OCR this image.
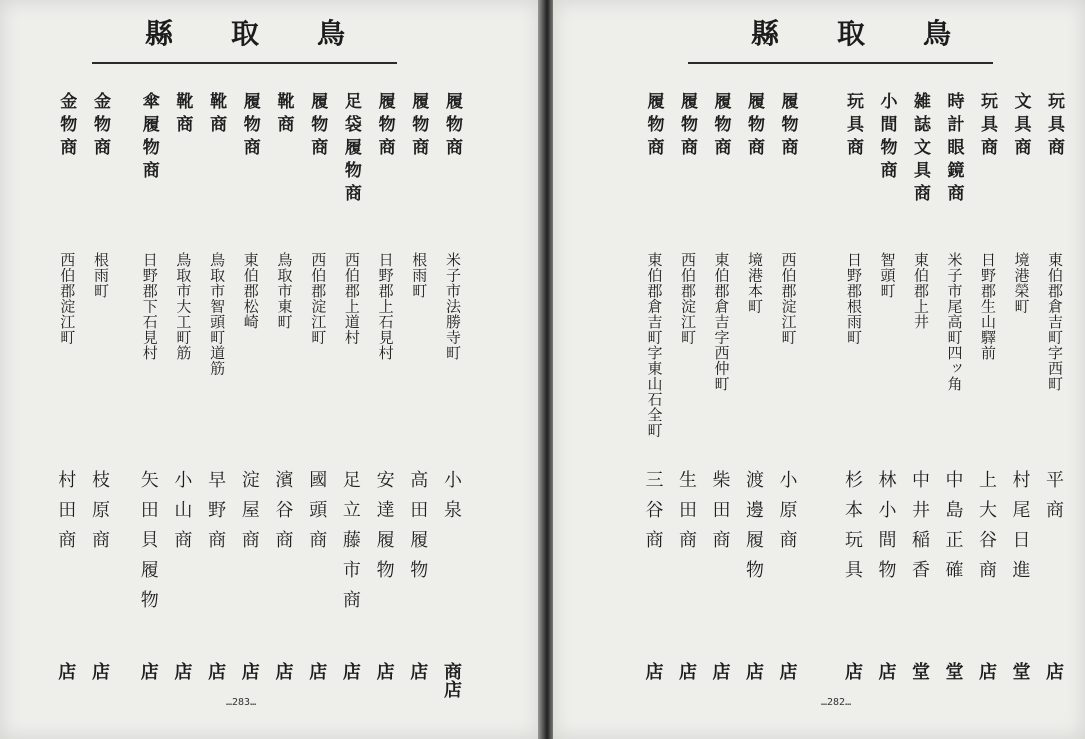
縣 取 鳥
履物商
米子市法勝寺町
小泉
商店
履物商
根雨町
高田履物
店
履物商
日野郡上石見村
安達履物
店
足袋履物商
西伯郡上道村
足立藤市商
店
履物商
西伯郡淀江町
國頭商
店
靴商
鳥取市東町
濱谷商
店
履物商
東伯郡松崎
淀屋商
店
靴商
鳥取市智頭町道筋
早野商
店
靴商
鳥取市大工町筋
小山商
店
傘履物商
日野郡下石見村
矢田貝履物
店
金物商
根雨町
枝原商
店
金物商
西伯郡淀江町
村田商
店
…283…
縣 取 鳥
玩具商
東伯郡倉吉町字西町
平商
店
文具商
境港榮町
村尾日進
堂
玩具商
日野郡生山驛前
上大谷商
店
時計眼鏡商
米子市尾高町四ッ角
中島正確
堂
雑誌文具商
東伯郡上井
中井稲香
堂
小間物商
智頭町
林小間物
店
玩具商
日野郡根雨町
杉本玩具
店
履物商
西伯郡淀江町
小原商
店
履物商
境港本町
渡邊履物
店
履物商
東伯郡倉吉字西仲町
柴田商
店
履物商
西伯郡淀江町
生田商
店
履物商
東伯郡倉吉町字東山石全町
三谷商
店
…282…
